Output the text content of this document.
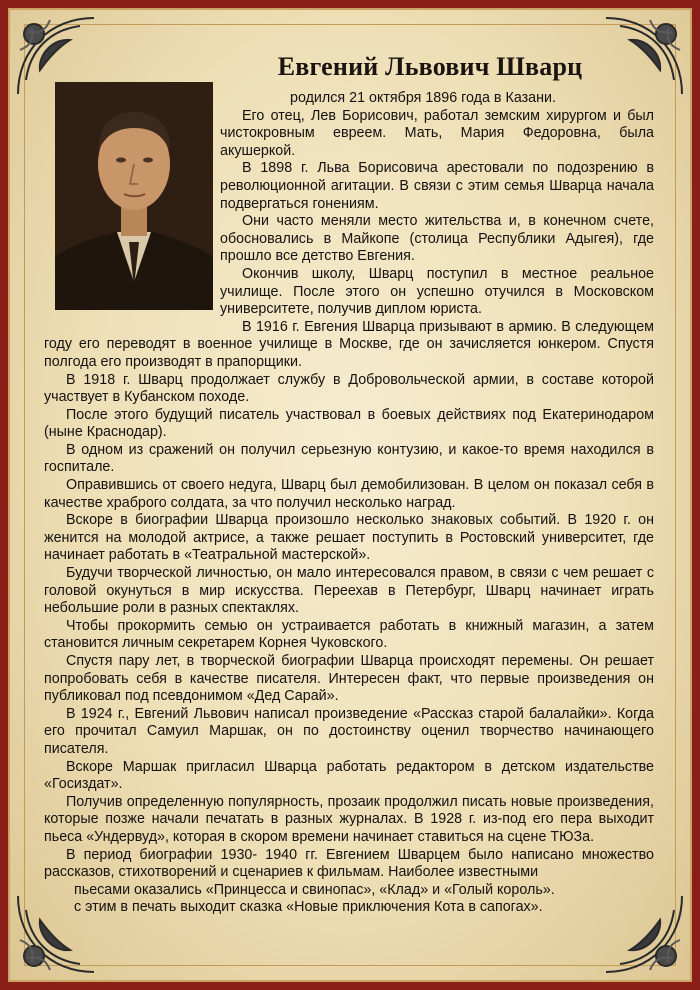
Евгений Львович Шварц

родился 21 октября 1896 года в Казани.

Его отец, Лев Борисович, работал земским хирургом и был чистокровным евреем. Мать, Мария Федоровна, была акушеркой.

В 1898 г. Льва Борисовича арестовали по подозрению в революционной агитации. В связи с этим семья Шварца начала подвергаться гонениям.

Они часто меняли место жительства и, в конечном счете, обосновались в Майкопе (столица Республики Адыгея), где прошло все детство Евгения.

Окончив школу, Шварц поступил в местное реальное училище. После этого он успешно отучился в Московском университете, получив диплом юриста.

В 1916 г. Евгения Шварца призывают в армию. В следующем году его переводят в военное училище в Москве, где он зачисляется юнкером. Спустя полгода его производят в прапорщики.

В 1918 г. Шварц продолжает службу в Добровольческой армии, в составе которой участвует в Кубанском походе.

После этого будущий писатель участвовал в боевых действиях под Екатеринодаром (ныне Краснодар).

В одном из сражений он получил серьезную контузию, и какое-то время находился в госпитале.

Оправившись от своего недуга, Шварц был демобилизован. В целом он показал себя в качестве храброго солдата, за что получил несколько наград.

Вскоре в биографии Шварца произошло несколько знаковых событий. В 1920 г. он женится на молодой актрисе, а также решает поступить в Ростовский университет, где начинает работать в «Театральной мастерской».

Будучи творческой личностью, он мало интересовался правом, в связи с чем решает с головой окунуться в мир искусства. Переехав в Петербург, Шварц начинает играть небольшие роли в разных спектаклях.

Чтобы прокормить семью он устраивается работать в книжный магазин, а затем становится личным секретарем Корнея Чуковского.

Спустя пару лет, в творческой биографии Шварца происходят перемены. Он решает попробовать себя в качестве писателя. Интересен факт, что первые произведения он публиковал под псевдонимом «Дед Сарай».

В 1924 г., Евгений Львович написал произведение «Рассказ старой балалайки». Когда его прочитал Самуил Маршак, он по достоинству оценил творчество начинающего писателя.

Вскоре Маршак пригласил Шварца работать редактором в детском издательстве «Госиздат».

Получив определенную популярность, прозаик продолжил писать новые произведения, которые позже начали печатать в разных журналах. В 1928 г. из-под его пера выходит пьеса «Ундервуд», которая в скором времени начинает ставиться на сцене ТЮЗа.

В период биографии 1930- 1940 гг. Евгением Шварцем было написано множество рассказов, стихотворений и сценариев к фильмам. Наиболее известными

пьесами оказались «Принцесса и свинопас», «Клад» и «Голый король».

с этим в печать выходит сказка «Новые приключения Кота в сапогах».
